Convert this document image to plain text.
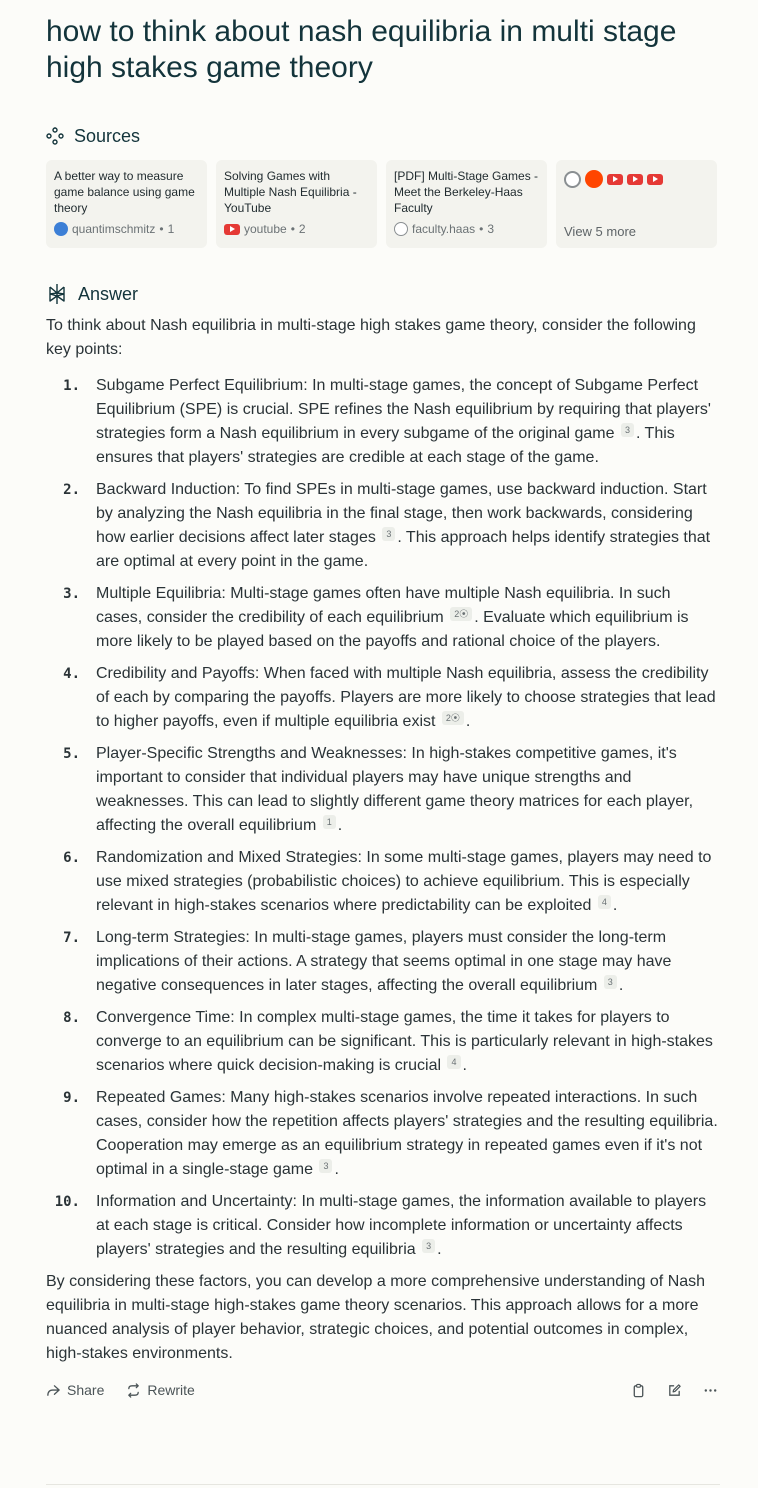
how to think about nash equilibria in multi stage high stakes game theory
Sources
A better way to measure game balance using game theory
quantimschmitz • 1
Solving Games with Multiple Nash Equilibria - YouTube
youtube • 2
[PDF] Multi-Stage Games - Meet the Berkeley-Haas Faculty
faculty.haas • 3	View 5 more
Answer

To think about Nash equilibria in multi-stage high stakes game theory, consider the following key points:

1.	Subgame Perfect Equilibrium: In multi-stage games, the concept of Subgame Perfect Equilibrium (SPE) is crucial. SPE refines the Nash equilibrium by requiring that players' strategies form a Nash equilibrium in every subgame of the original game 3 . This ensures that players' strategies are credible at each stage of the game.
2.	Backward Induction: To find SPEs in multi-stage games, use backward induction. Start by analyzing the Nash equilibria in the final stage, then work backwards, considering how earlier decisions affect later stages 3 . This approach helps identify strategies that are optimal at every point in the game.
3.	Multiple Equilibria: Multi-stage games often have multiple Nash equilibria. In such cases, consider the credibility of each equilibrium 2⦿ . Evaluate which equilibrium is more likely to be played based on the payoffs and rational choice of the players.
4.	Credibility and Payoffs: When faced with multiple Nash equilibria, assess the credibility of each by comparing the payoffs. Players are more likely to choose strategies that lead to higher payoffs, even if multiple equilibria exist 2⦿ .
5.	Player-Specific Strengths and Weaknesses: In high-stakes competitive games, it's important to consider that individual players may have unique strengths and weaknesses. This can lead to slightly different game theory matrices for each player, affecting the overall equilibrium 1 .
6.	Randomization and Mixed Strategies: In some multi-stage games, players may need to use mixed strategies (probabilistic choices) to achieve equilibrium. This is especially relevant in high-stakes scenarios where predictability can be exploited 4 .
7.	Long-term Strategies: In multi-stage games, players must consider the long-term implications of their actions. A strategy that seems optimal in one stage may have negative consequences in later stages, affecting the overall equilibrium 3 .
8.	Convergence Time: In complex multi-stage games, the time it takes for players to converge to an equilibrium can be significant. This is particularly relevant in high-stakes scenarios where quick decision-making is crucial 4 .
9.	Repeated Games: Many high-stakes scenarios involve repeated interactions. In such cases, consider how the repetition affects players' strategies and the resulting equilibria. Cooperation may emerge as an equilibrium strategy in repeated games even if it's not optimal in a single-stage game 3 .
10.	Information and Uncertainty: In multi-stage games, the information available to players at each stage is critical. Consider how incomplete information or uncertainty affects players' strategies and the resulting equilibria 3 .

By considering these factors, you can develop a more comprehensive understanding of Nash equilibria in multi-stage high-stakes game theory scenarios. This approach allows for a more nuanced analysis of player behavior, strategic choices, and potential outcomes in complex, high-stakes environments.

Share	Rewrite
